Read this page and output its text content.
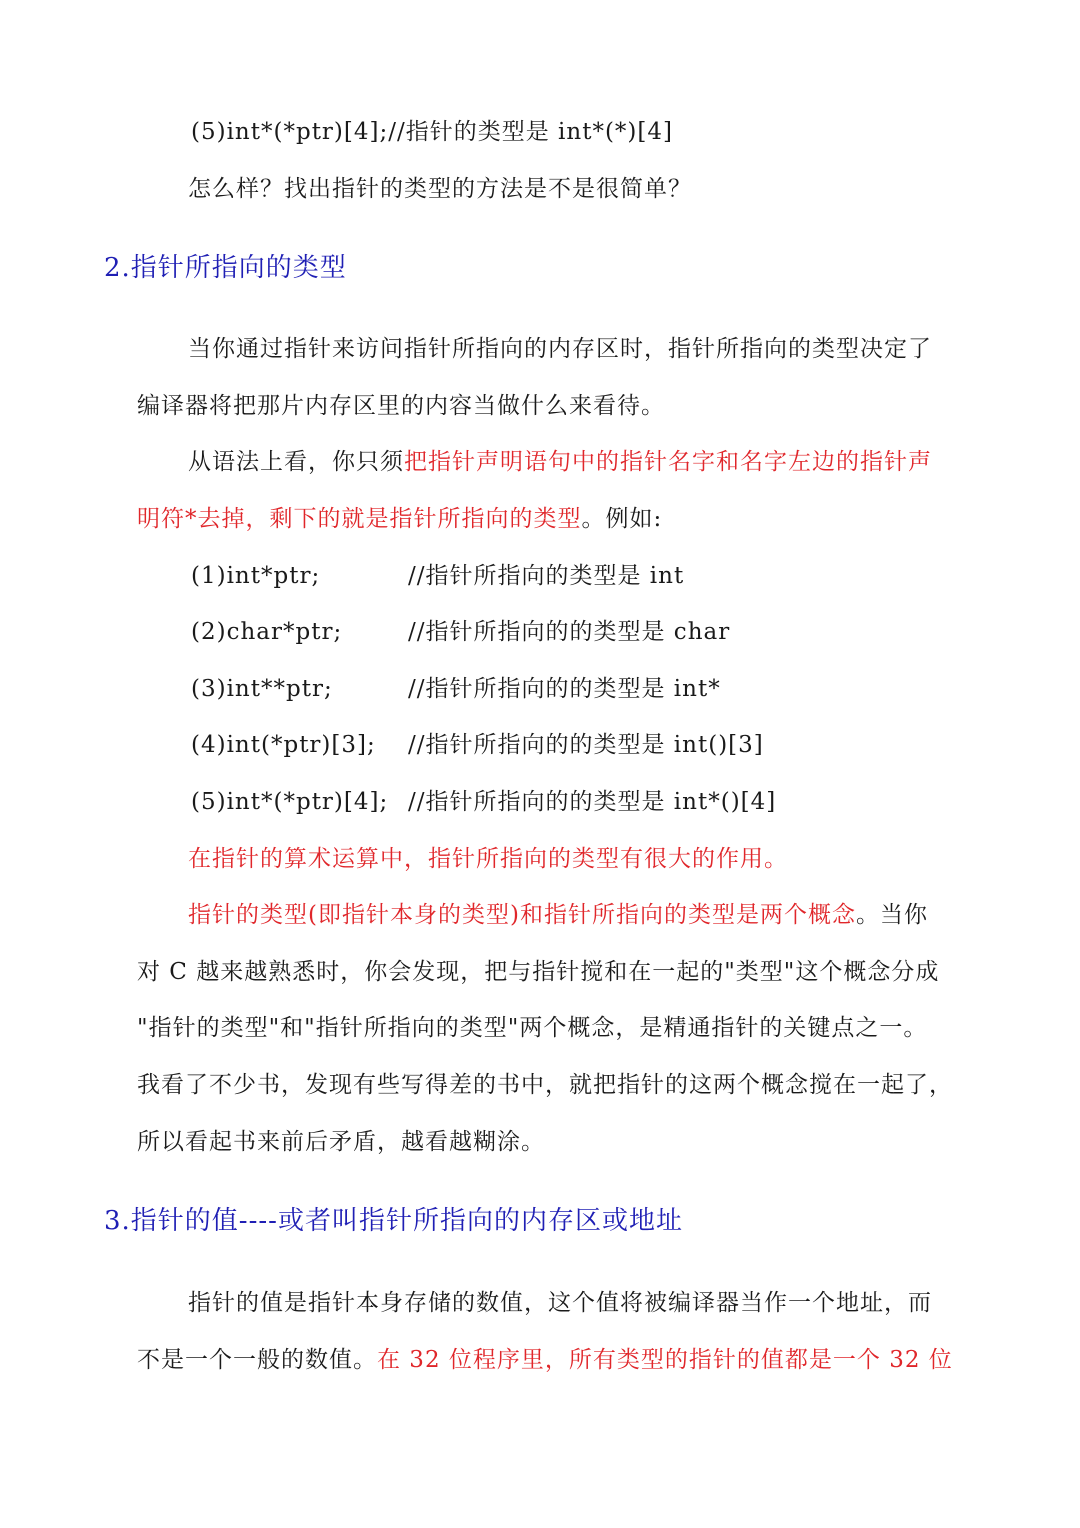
(5)int*(*ptr)[4];//指针的类型是 int*(*)[4]
怎么样？找出指针的类型的方法是不是很简单？
2.指针所指向的类型
当你通过指针来访问指针所指向的内存区时，指针所指向的类型决定了
编译器将把那片内存区里的内容当做什么来看待。
从语法上看，你只须把指针声明语句中的指针名字和名字左边的指针声
明符*去掉，剩下的就是指针所指向的类型。例如:
(1)int*ptr;	//指针所指向的类型是 int
(2)char*ptr;	//指针所指向的的类型是 char
(3)int**ptr;	//指针所指向的的类型是 int*
(4)int(*ptr)[3]; //指针所指向的的类型是 int()[3]
(5)int*(*ptr)[4]; //指针所指向的的类型是 int*()[4]
在指针的算术运算中，指针所指向的类型有很大的作用。
指针的类型(即指针本身的类型)和指针所指向的类型是两个概念。当你
对 C 越来越熟悉时，你会发现，把与指针搅和在一起的"类型"这个概念分成
"指针的类型"和"指针所指向的类型"两个概念，是精通指针的关键点之一。
我看了不少书，发现有些写得差的书中，就把指针的这两个概念搅在一起了，
所以看起书来前后矛盾，越看越糊涂。
3.指针的值----或者叫指针所指向的内存区或地址
指针的值是指针本身存储的数值，这个值将被编译器当作一个地址，而
不是一个一般的数值。在 32 位程序里，所有类型的指针的值都是一个 32 位
